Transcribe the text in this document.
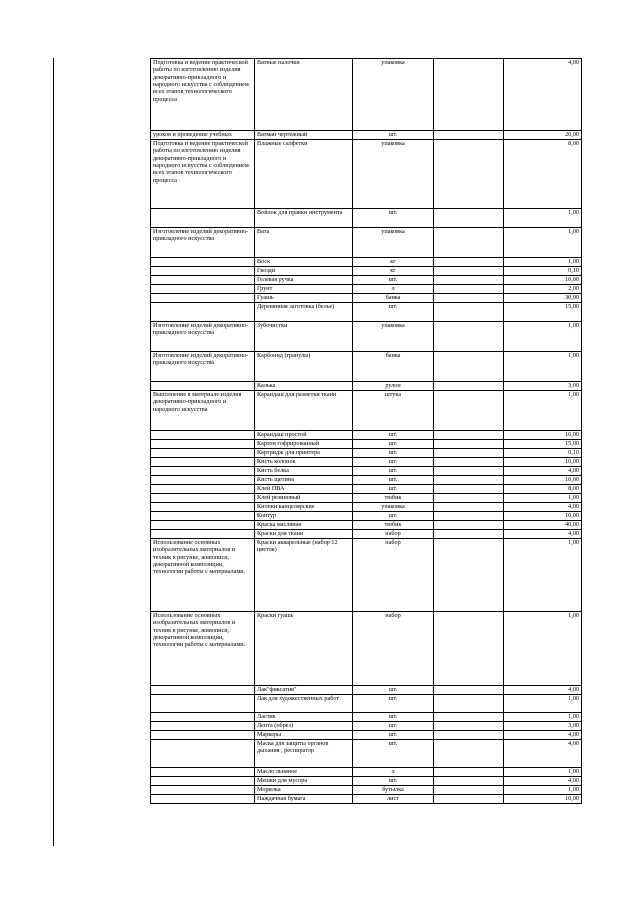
Подготовка и ведение практической работы по изготовлению изделия декоративно-прикладного и народного искусства с соблюдением всех этапов технологического процесса	Ватные палочки	упаковка		4,00
уроков и проведение учебных	Ватман чертежный	шт.		20,00
Подготовка и ведение практической работы по изготовлению изделия декоративно-прикладного и народного искусства с соблюдением всех этапов технологического процесса	Влажные салфетки	упаковка		8,00
	Войлок для правки инструмента	шт.		1,00
Изготовление изделий декоративно-прикладного искусства	Вата	упаковка		1,00
	Воск	кг		1,00
	Гвозди	кг		0,10
	Гелевая ручка	шт.		10,00
	Грунт	л		2,00
	Гуашь	банка		30,00
	Деревянная заготовка (белье)	шт.		15,00
Изготовление изделий декоративно-прикладного искусства	Зубочистки	упаковка		1,00
Изготовление изделий декоративно-прикладного искусства	Карбонид (гранулы)	банка		1,00
	Калька	рулон		3,00
Выполнение в материале изделия декоративно-прикладного и народного искусства	Карандаш для разметки ткани	штука		1,00
	Карандаш простой	шт.		16,00
	Картон гофрированный	шт.		15,00
	Картридж для принтера	шт.		0,10
	Кисть колонок	шт.		10,00
	Кисть белка	шт.		4,00
	Кисть щетина	шт.		10,00
	Клей ПВА	шт.		8,00
	Клей резиновый	тюбик		1,00
	Кнопки канцелярские	упаковка		4,00
	Контур	шт.		10,00
	Краска масляная	тюбик		40,00
	Краски для ткани	набор		4,00
Использование основных изобразительных материалов и техник в рисунке, живописи, декоративной композиции, технологии работы с материалами.	Краски акварельные (набор 12 цветов)	набор		1,00
Использование основных изобразительных материалов и техник в рисунке, живописи, декоративной композиции, технологии работы с материалами.	Краски гуашь	набор		1,00
	Лак"фиксатив"	шт.		4,00
	Лак для художественных работ	шт.		1,00
	Ластик	шт.		1,00
	Лента (обрез)	шт.		3,00
	Маркеры	шт.		4,00
	Маска для защиты органов дыхания , респиратор	шт.		4,00
	Масло льняное	л		1,00
	Мешки для мусора	шт.		4,00
	Морилка	бутылка		1,00
	Наждачная бумага	лист		10,00
